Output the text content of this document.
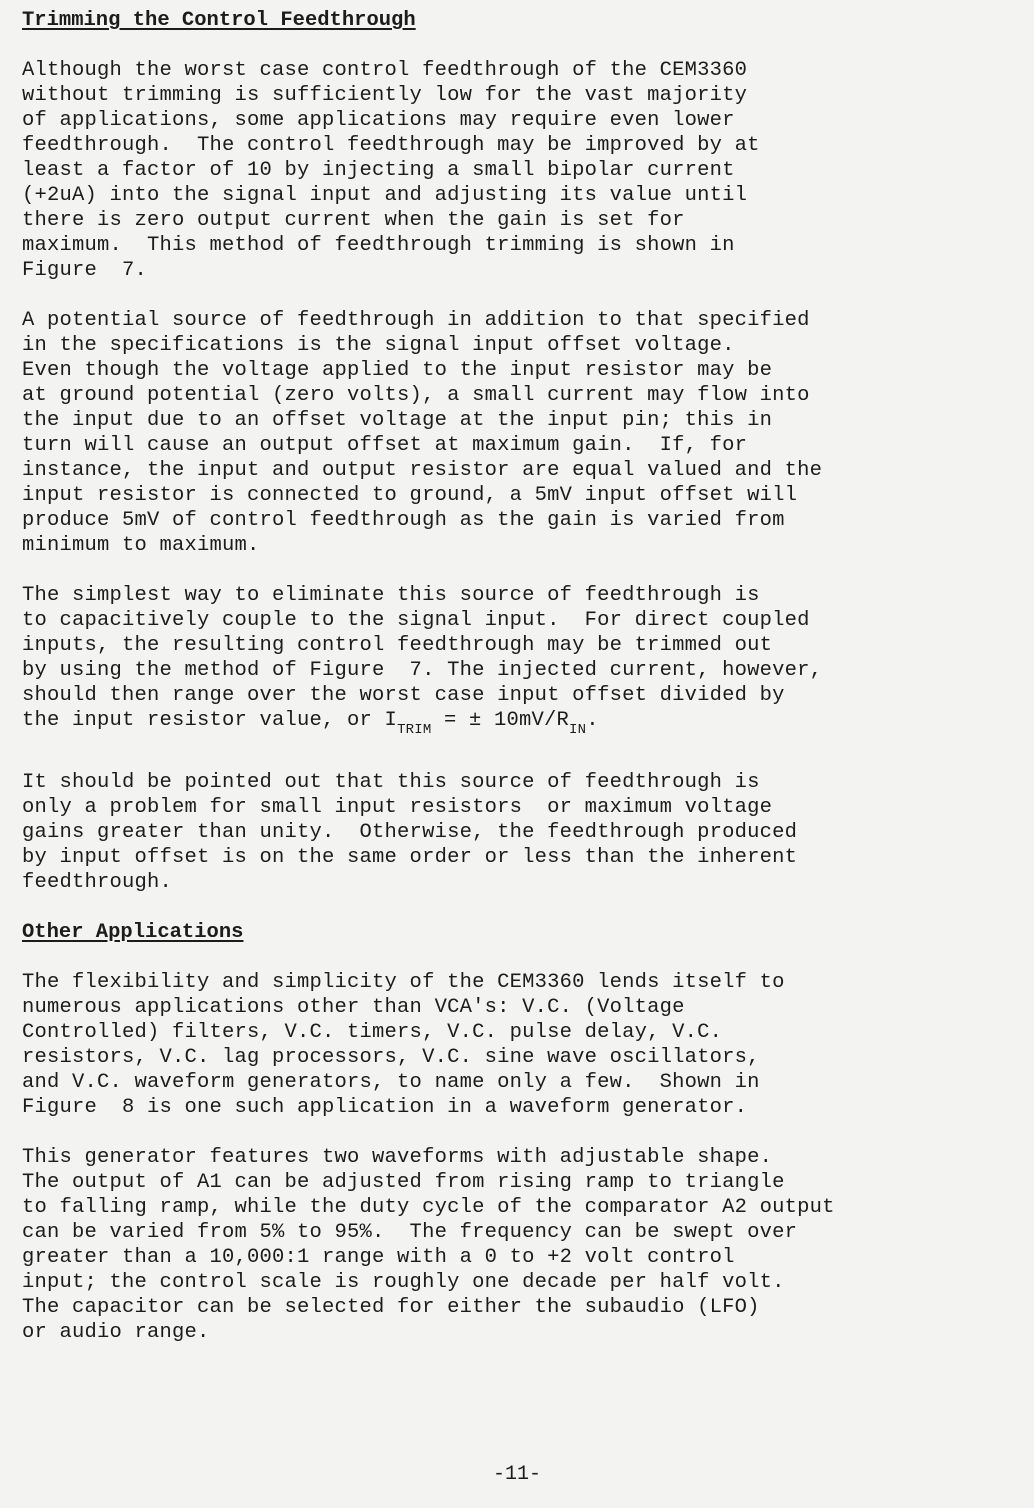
Trimming the Control Feedthrough
Although the worst case control feedthrough of the CEM3360
without trimming is sufficiently low for the vast majority
of applications, some applications may require even lower
feedthrough.  The control feedthrough may be improved by at
least a factor of 10 by injecting a small bipolar current
(+2uA) into the signal input and adjusting its value until
there is zero output current when the gain is set for
maximum.  This method of feedthrough trimming is shown in
Figure  7.
A potential source of feedthrough in addition to that specified
in the specifications is the signal input offset voltage.
Even though the voltage applied to the input resistor may be
at ground potential (zero volts), a small current may flow into
the input due to an offset voltage at the input pin; this in
turn will cause an output offset at maximum gain.  If, for
instance, the input and output resistor are equal valued and the
input resistor is connected to ground, a 5mV input offset will
produce 5mV of control feedthrough as the gain is varied from
minimum to maximum.
The simplest way to eliminate this source of feedthrough is
to capacitively couple to the signal input.  For direct coupled
inputs, the resulting control feedthrough may be trimmed out
by using the method of Figure  7. The injected current, however,
should then range over the worst case input offset divided by
the input resistor value, or $I_{TRIM}$ = ± $10mV/R_{IN}$.
It should be pointed out that this source of feedthrough is
only a problem for small input resistors  or maximum voltage
gains greater than unity.  Otherwise, the feedthrough produced
by input offset is on the same order or less than the inherent
feedthrough.
Other Applications
The flexibility and simplicity of the CEM3360 lends itself to
numerous applications other than VCA's: V.C. (Voltage
Controlled) filters, V.C. timers, V.C. pulse delay, V.C.
resistors, V.C. lag processors, V.C. sine wave oscillators,
and V.C. waveform generators, to name only a few.  Shown in
Figure  8 is one such application in a waveform generator.
This generator features two waveforms with adjustable shape.
The output of A1 can be adjusted from rising ramp to triangle
to falling ramp, while the duty cycle of the comparator A2 output
can be varied from 5% to 95%.  The frequency can be swept over
greater than a 10,000:1 range with a 0 to +2 volt control
input; the control scale is roughly one decade per half volt.
The capacitor can be selected for either the subaudio (LFO)
or audio range.
-11-
